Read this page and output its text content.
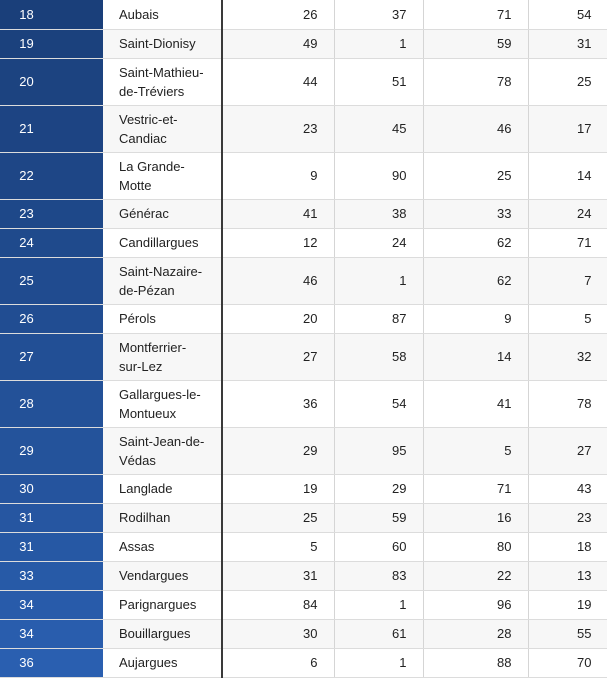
18	Aubais	26	37	71	54
19	Saint-Dionisy	49	1	59	31
20	Saint-Mathieu-
de-Tréviers	44	51	78	25
21	Vestric-et-
Candiac	23	45	46	17
22	La Grande-
Motte	9	90	25	14
23	Générac	41	38	33	24
24	Candillargues	12	24	62	71
25	Saint-Nazaire-
de-Pézan	46	1	62	7
26	Pérols	20	87	9	5
27	Montferrier-
sur-Lez	27	58	14	32
28	Gallargues-le-
Montueux	36	54	41	78
29	Saint-Jean-de-
Védas	29	95	5	27
30	Langlade	19	29	71	43
31	Rodilhan	25	59	16	23
31	Assas	5	60	80	18
33	Vendargues	31	83	22	13
34	Parignargues	84	1	96	19
34	Bouillargues	30	61	28	55
36	Aujargues	6	1	88	70
